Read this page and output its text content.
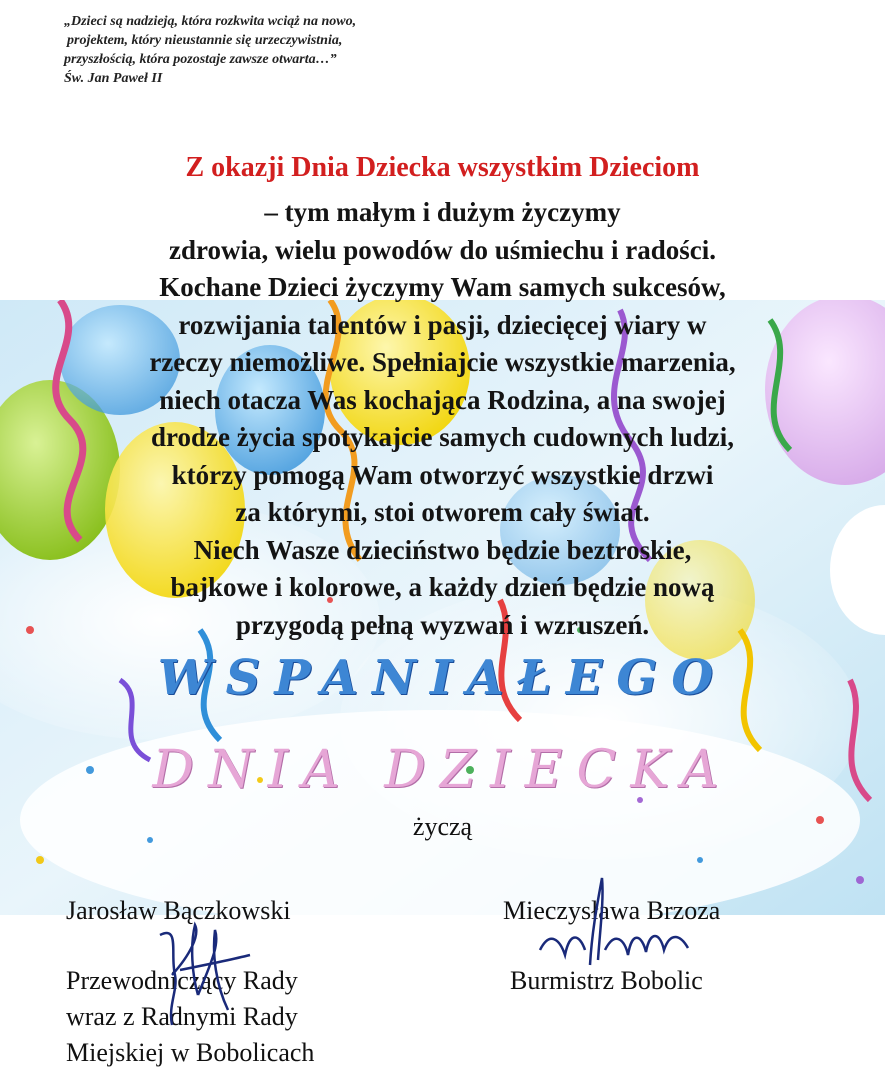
„Dzieci są nadzieją, która rozkwita wciąż na nowo,
projektem, który nieustannie się urzeczywistnia,
przyszłością, która pozostaje zawsze otwarta…”
Św. Jan Paweł II
Z okazji Dnia Dziecka wszystkim Dzieciom
– tym małym i dużym życzymy
zdrowia, wielu powodów do uśmiechu i radości.
Kochane Dzieci życzymy Wam samych sukcesów,
rozwijania talentów i pasji, dziecięcej wiary w
rzeczy niemożliwe. Spełniajcie wszystkie marzenia,
niech otacza Was kochająca Rodzina, a na swojej
drodze życia spotykajcie samych cudownych ludzi,
którzy pomogą Wam otworzyć wszystkie drzwi
za którymi, stoi otworem cały świat.
Niech Wasze dzieciństwo będzie beztroskie,
bajkowe i kolorowe, a każdy dzień będzie nową
przygodą pełną wyzwań i wzruszeń.
WSPANIAŁEGO
DNIA DZIECKA
życzą
Jarosław Bączkowski
Przewodniczący Rady
wraz z Radnymi Rady
Miejskiej w Bobolicach
Mieczysława Brzoza
Burmistrz Bobolic
